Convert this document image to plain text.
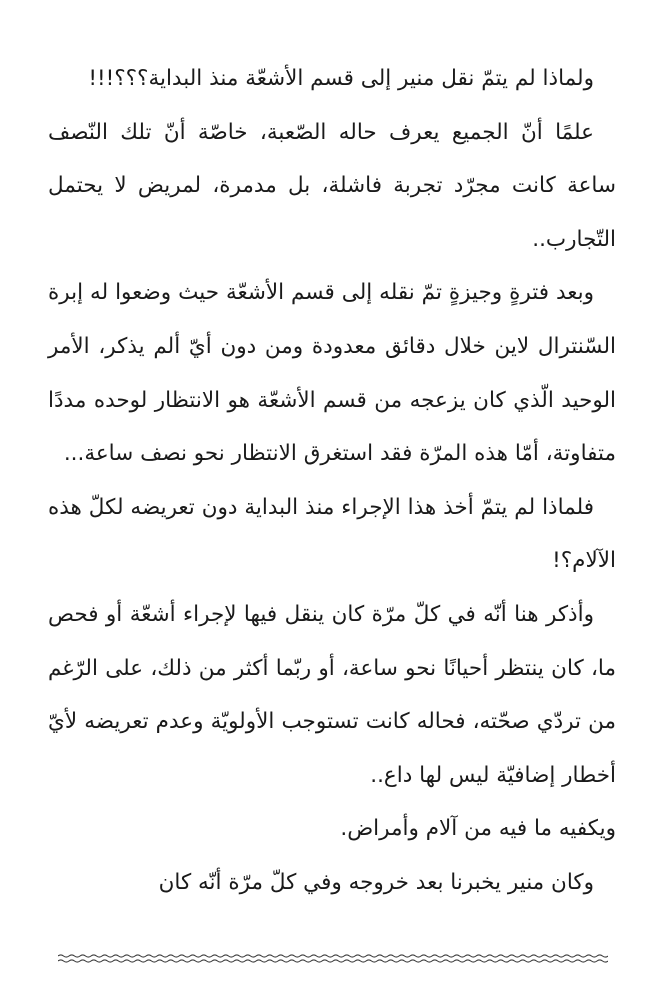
ولماذا لم يتمّ نقل منير إلى قسم الأشعّة منذ البداية؟؟؟!!!

علمًا أنّ الجميع يعرف حاله الصّعبة، خاصّة أنّ تلك النّصف ساعة كانت مجرّد تجربة فاشلة، بل مدمرة، لمريض لا يحتمل التّجارب..

وبعد فترةٍ وجيزةٍ تمّ نقله إلى قسم الأشعّة حيث وضعوا له إبرة السّنترال لاين خلال دقائق معدودة ومن دون أيّ ألم يذكر، الأمر الوحيد الّذي كان يزعجه من قسم الأشعّة هو الانتظار لوحده مددًا متفاوتة، أمّا هذه المرّة فقد استغرق الانتظار نحو نصف ساعة...

فلماذا لم يتمّ أخذ هذا الإجراء منذ البداية دون تعريضه لكلّ هذه الآلام؟!

وأذكر هنا أنّه في كلّ مرّة كان ينقل فيها لإجراء أشعّة أو فحص ما، كان ينتظر أحيانًا نحو ساعة، أو ربّما أكثر من ذلك، على الرّغم من تردّي صحّته، فحاله كانت تستوجب الأولويّة وعدم تعريضه لأيّ أخطار إضافيّة ليس لها داع..

ويكفيه ما فيه من آلام وأمراض.

وكان منير يخبرنا بعد خروجه وفي كلّ مرّة أنّه كان
